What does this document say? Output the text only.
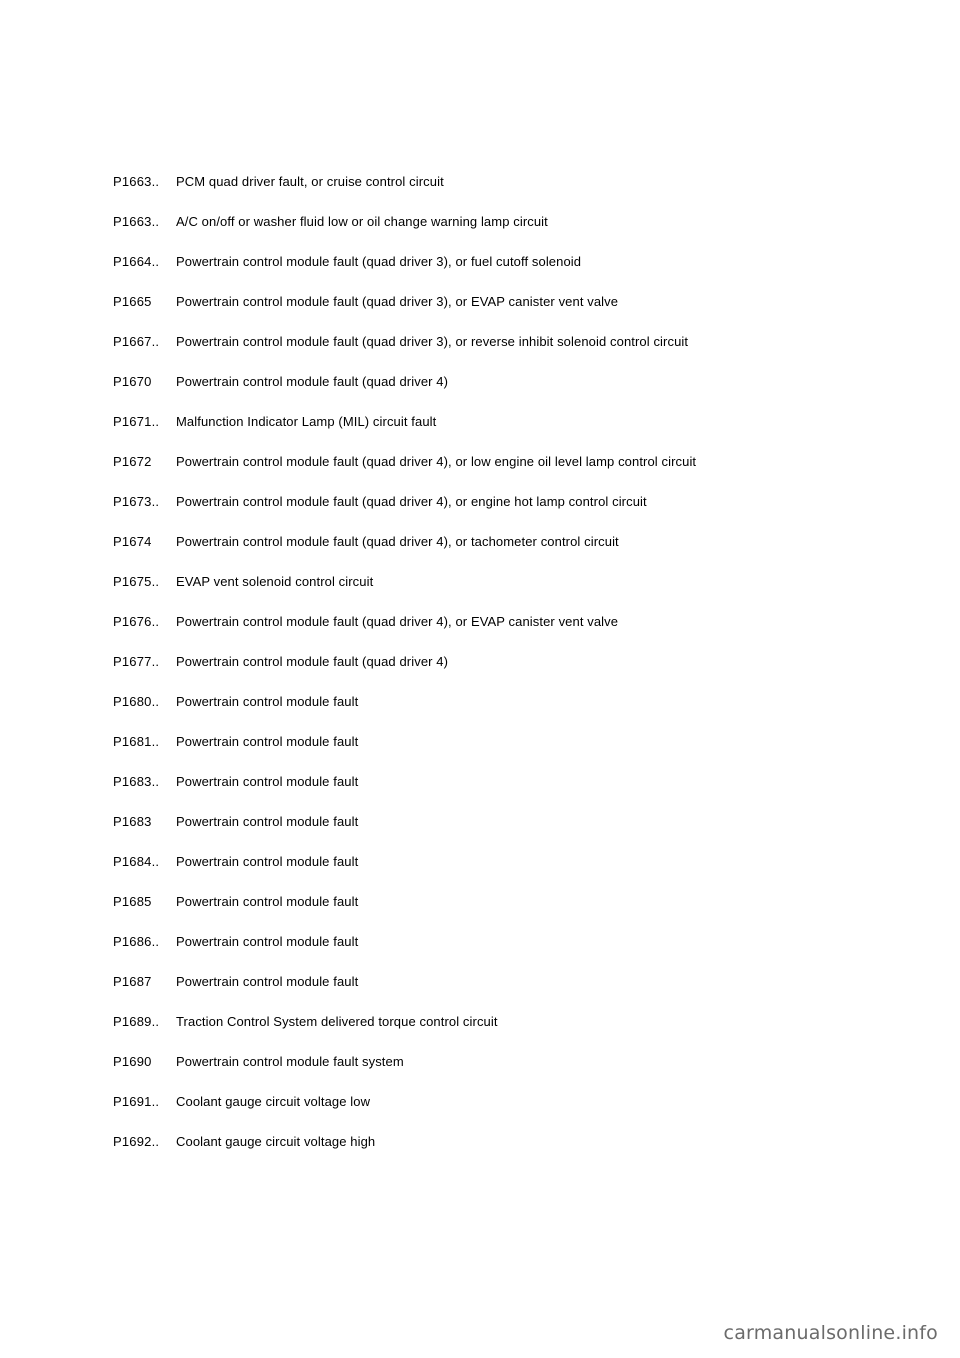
P1663..	PCM quad driver fault, or cruise control circuit
P1663..	A/C on/off or washer fluid low or oil change warning lamp circuit
P1664..	Powertrain control module fault (quad driver 3), or fuel cutoff solenoid
P1665	Powertrain control module fault (quad driver 3), or EVAP canister vent valve
P1667..	Powertrain control module fault (quad driver 3), or reverse inhibit solenoid control circuit
P1670	Powertrain control module fault (quad driver 4)
P1671..	Malfunction Indicator Lamp (MIL) circuit fault
P1672	Powertrain control module fault (quad driver 4), or low engine oil level lamp control circuit
P1673..	Powertrain control module fault (quad driver 4), or engine hot lamp control circuit
P1674	Powertrain control module fault (quad driver 4), or tachometer control circuit
P1675..	EVAP vent solenoid control circuit
P1676..	Powertrain control module fault (quad driver 4), or EVAP canister vent valve
P1677..	Powertrain control module fault (quad driver 4)
P1680..	Powertrain control module fault
P1681..	Powertrain control module fault
P1683..	Powertrain control module fault
P1683	Powertrain control module fault
P1684..	Powertrain control module fault
P1685	Powertrain control module fault
P1686..	Powertrain control module fault
P1687	Powertrain control module fault
P1689..	Traction Control System delivered torque control circuit
P1690	Powertrain control module fault system
P1691..	Coolant gauge circuit voltage low
P1692..	Coolant gauge circuit voltage high
carmanualsonline.info
